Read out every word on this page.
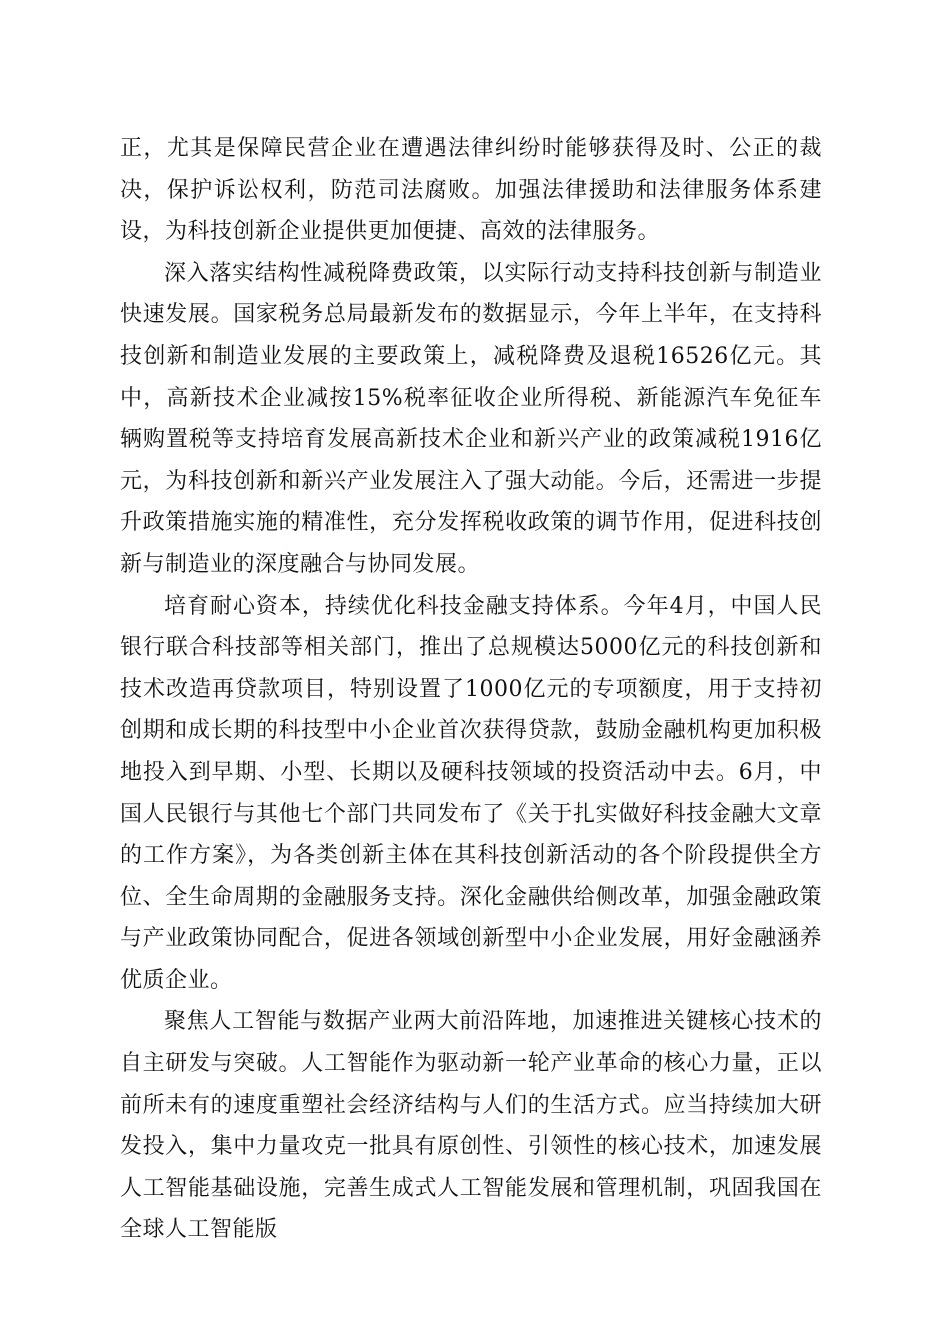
正，尤其是保障民营企业在遭遇法律纠纷时能够获得及时、公正的裁决，保护诉讼权利，防范司法腐败。加强法律援助和法律服务体系建设，为科技创新企业提供更加便捷、高效的法律服务。

深入落实结构性减税降费政策，以实际行动支持科技创新与制造业快速发展。国家税务总局最新发布的数据显示，今年上半年，在支持科技创新和制造业发展的主要政策上，减税降费及退税16526亿元。其中，高新技术企业减按15%税率征收企业所得税、新能源汽车免征车辆购置税等支持培育发展高新技术企业和新兴产业的政策减税1916亿元，为科技创新和新兴产业发展注入了强大动能。今后，还需进一步提升政策措施实施的精准性，充分发挥税收政策的调节作用，促进科技创新与制造业的深度融合与协同发展。

培育耐心资本，持续优化科技金融支持体系。今年4月，中国人民银行联合科技部等相关部门，推出了总规模达5000亿元的科技创新和技术改造再贷款项目，特别设置了1000亿元的专项额度，用于支持初创期和成长期的科技型中小企业首次获得贷款，鼓励金融机构更加积极地投入到早期、小型、长期以及硬科技领域的投资活动中去。6月，中国人民银行与其他七个部门共同发布了《关于扎实做好科技金融大文章的工作方案》，为各类创新主体在其科技创新活动的各个阶段提供全方位、全生命周期的金融服务支持。深化金融供给侧改革，加强金融政策与产业政策协同配合，促进各领域创新型中小企业发展，用好金融涵养优质企业。

聚焦人工智能与数据产业两大前沿阵地，加速推进关键核心技术的自主研发与突破。人工智能作为驱动新一轮产业革命的核心力量，正以前所未有的速度重塑社会经济结构与人们的生活方式。应当持续加大研发投入，集中力量攻克一批具有原创性、引领性的核心技术，加速发展人工智能基础设施，完善生成式人工智能发展和管理机制，巩固我国在全球人工智能版
